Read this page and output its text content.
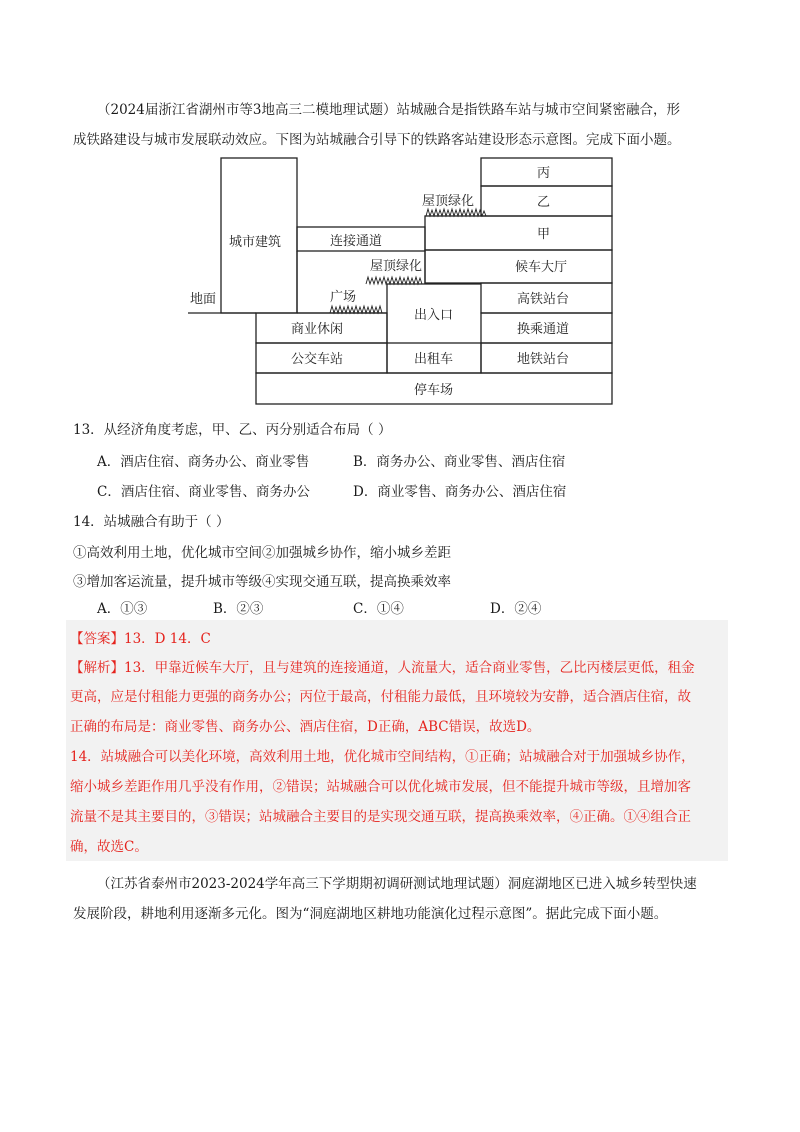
（2024届浙江省湖州市等3地高三二模地理试题）站城融合是指铁路车站与城市空间紧密融合，形
成铁路建设与城市发展联动效应。下图为站城融合引导下的铁路客站建设形态示意图。完成下面小题。
城市建筑
地面
连接通道
屋顶绿化
屋顶绿化
广场
丙
乙
甲
候车大厅
高铁站台
出入口
换乘通道
商业休闲
公交车站	出租车	地铁站台
停车场
13．从经济角度考虑，甲、乙、丙分别适合布局（ ）
A．酒店住宿、商务办公、商业零售	B．商务办公、商业零售、酒店住宿
C．酒店住宿、商业零售、商务办公	D．商业零售、商务办公、酒店住宿
14．站城融合有助于（ ）
①高效利用土地，优化城市空间②加强城乡协作，缩小城乡差距
③增加客运流量，提升城市等级④实现交通互联，提高换乘效率
A．①③	B．②③	C．①④	D．②④
【答案】13．D 14．C
【解析】13．甲靠近候车大厅，且与建筑的连接通道，人流量大，适合商业零售，乙比丙楼层更低，租金
更高，应是付租能力更强的商务办公；丙位于最高，付租能力最低，且环境较为安静，适合酒店住宿，故
正确的布局是：商业零售、商务办公、酒店住宿，D正确，ABC错误，故选D。
14．站城融合可以美化环境，高效利用土地，优化城市空间结构，①正确；站城融合对于加强城乡协作，
缩小城乡差距作用几乎没有作用，②错误；站城融合可以优化城市发展，但不能提升城市等级，且增加客
流量不是其主要目的，③错误；站城融合主要目的是实现交通互联，提高换乘效率，④正确。①④组合正
确，故选C。
（江苏省泰州市2023-2024学年高三下学期期初调研测试地理试题）洞庭湖地区已进入城乡转型快速
发展阶段，耕地利用逐渐多元化。图为“洞庭湖地区耕地功能演化过程示意图”。据此完成下面小题。
